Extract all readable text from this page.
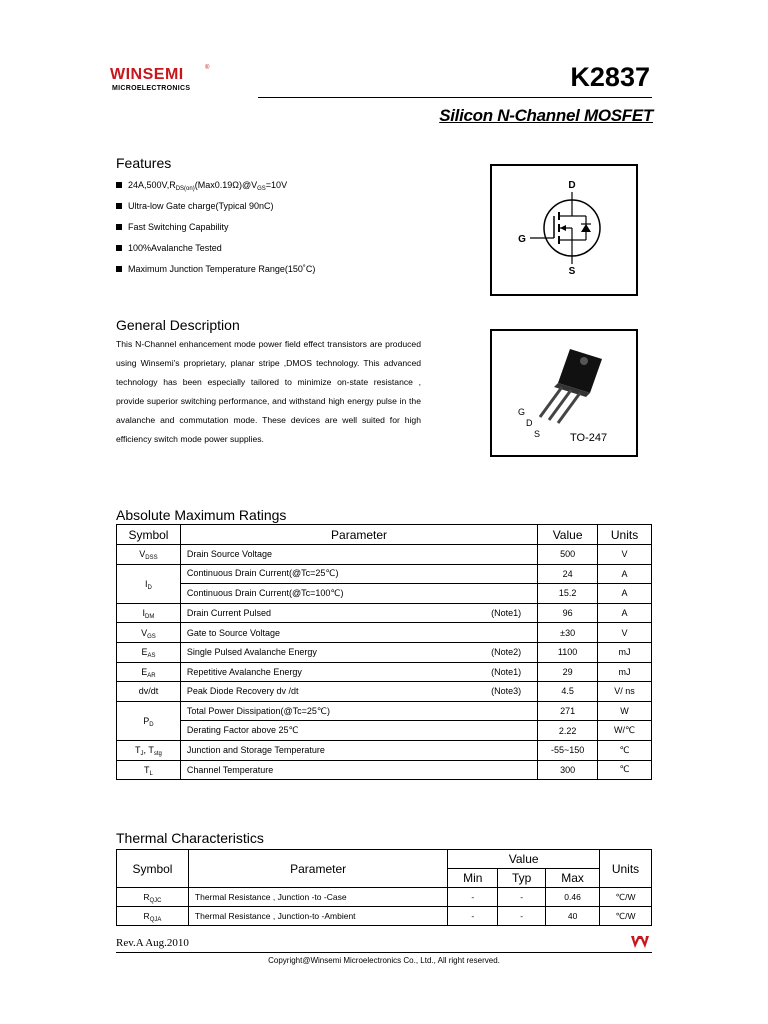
WINSEMI	®
MICROELECTRONICS	K2837
Silicon N-Channel MOSFET
Features
$24A,500V,R_{DS(on)}(Max0.19\Omega)@V_{GS}=10V$
Ultra-low Gate charge(Typical 90nC)
Fast Switching Capability
100%Avalanche Tested
Maximum Junction Temperature Range(150˚C)
D
G
S
General Description

This N-Channel enhancement mode power field effect transistors are produced using Winsemi's proprietary, planar stripe ,DMOS technology. This advanced technology has been especially tailored to minimize on-state resistance , provide superior switching performance, and withstand high energy pulse in the avalanche and commutation mode. These devices are well suited for high efficiency switch mode power supplies.

G
D
S	TO-247
Absolute Maximum Ratings
Symbol	Parameter	Value	Units
$V_{DSS}$	Drain Source Voltage	500	V
$I_D$	Continuous Drain Current(@Tc=25℃)	24	A
	Continuous Drain Current(@Tc=100℃)	15.2	A
$I_{DM}$	Drain Current Pulsed (Note1)	96	A
$V_{GS}$	Gate to Source Voltage	±30	V
$E_{AS}$	Single Pulsed Avalanche Energy (Note2)	1100	mJ
$E_{AR}$	Repetitive Avalanche Energy (Note1)	29	mJ
dv/dt	Peak Diode Recovery dv /dt (Note3)	4.5	V/ ns
$P_D$	Total Power Dissipation(@Tc=25℃)	271	W
	Derating Factor above 25℃	2.22	W/℃
$T_J$, $T_{stg}$	Junction and Storage Temperature	-55~150	℃
$T_L$	Channel Temperature	300	℃
Thermal Characteristics
Symbol	Parameter	Value			Units
		Min	Typ	Max	
$R_{QJC}$	Thermal Resistance , Junction -to -Case	-	-	0.46	℃/W
$R_{QJA}$	Thermal Resistance , Junction-to -Ambient	-	-	40	℃/W
Rev.A Aug.2010
Copyright@Winsemi Microelectronics Co., Ltd., All right reserved.
